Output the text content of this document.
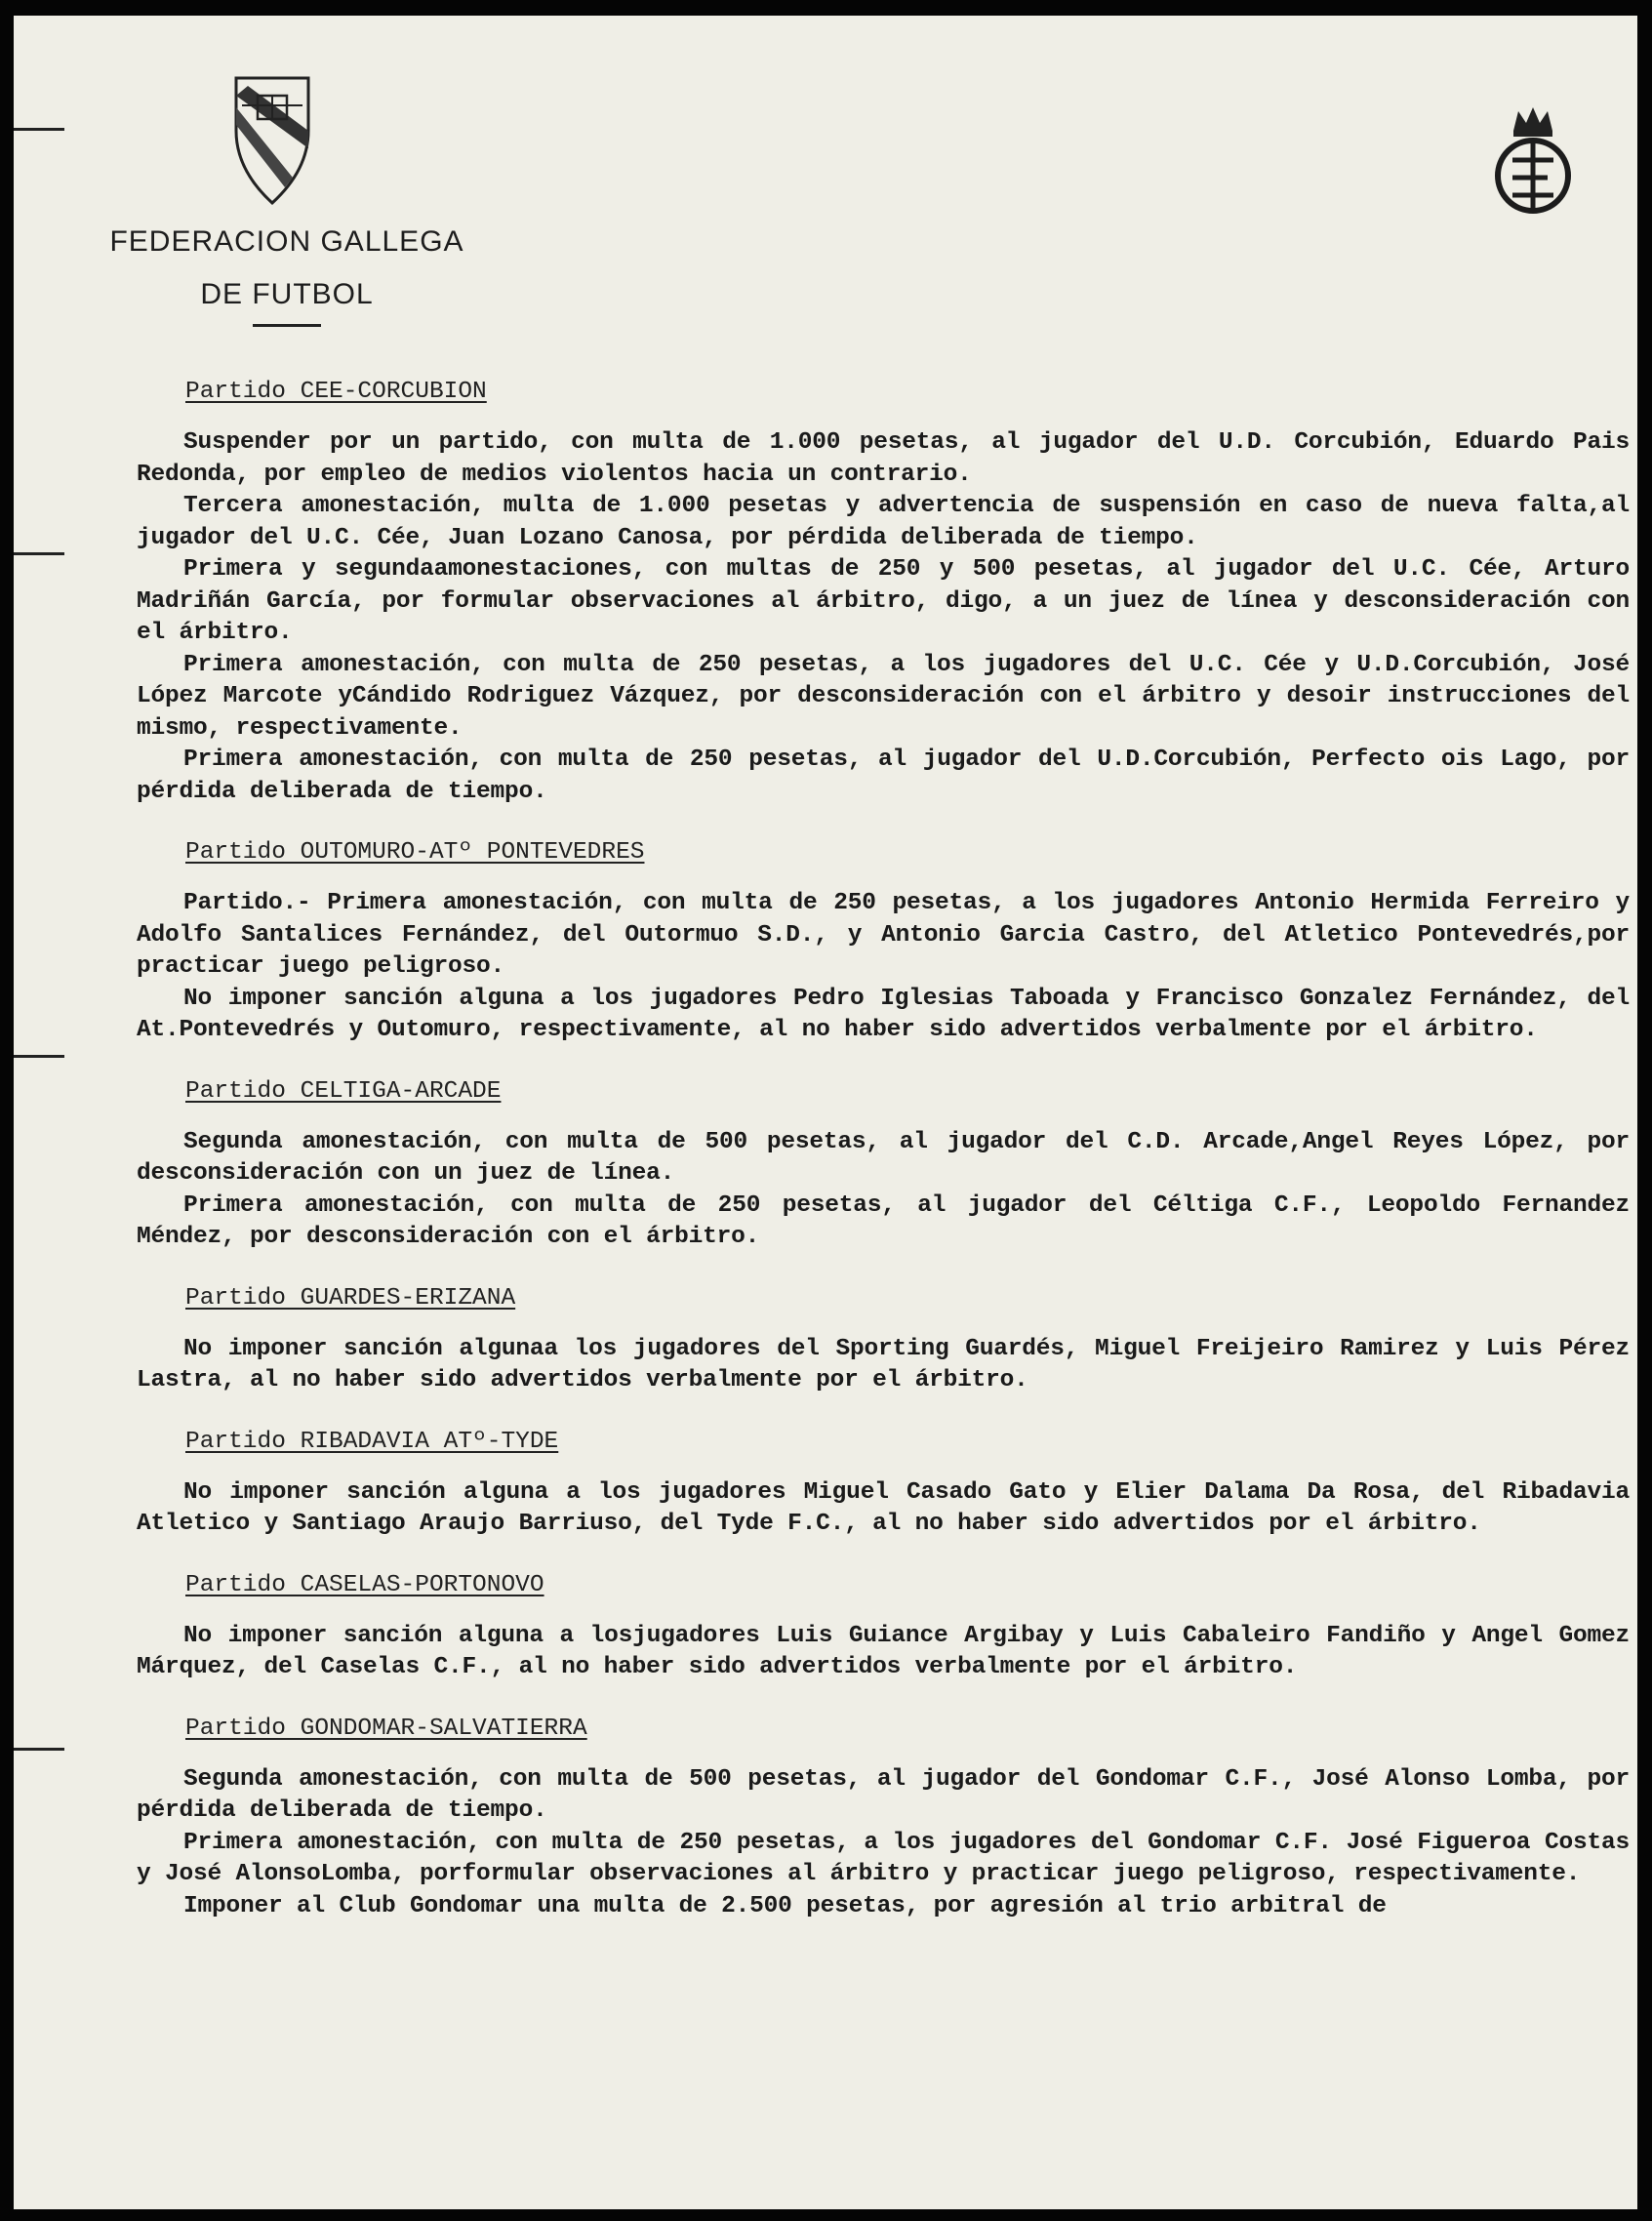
FEDERACION GALLEGA
DE FUTBOL
Partido CEE-CORCUBION

Suspender por un partido, con multa de 1.000 pesetas, al jugador del U.D. Corcubión, Eduardo Pais Redonda, por empleo de medios violentos hacia un contrario.

Tercera amonestación, multa de 1.000 pesetas y advertencia de suspensión en caso de nueva falta,al jugador del U.C. Cée, Juan Lozano Canosa, por pérdida deliberada de tiempo.

Primera y segundaamonestaciones, con multas de 250 y 500 pesetas, al jugador del U.C. Cée, Arturo Madriñán García, por formular observaciones al árbitro, digo, a un juez de línea y desconsideración con el árbitro.

Primera amonestación, con multa de 250 pesetas, a los jugadores del U.C. Cée y U.D.Corcubión, José López Marcote yCándido Rodriguez Vázquez, por desconsideración con el árbitro y desoir instrucciones del mismo, respectivamente.

Primera amonestación, con multa de 250 pesetas, al jugador del U.D.Corcubión, Perfecto ois Lago, por pérdida deliberada de tiempo.

Partido OUTOMURO-ATº PONTEVEDRES

Partido.- Primera amonestación, con multa de 250 pesetas, a los jugadores Antonio Hermida Ferreiro y Adolfo Santalices Fernández, del Outormuo S.D., y Antonio Garcia Castro, del Atletico Pontevedrés,por practicar juego peligroso.

No imponer sanción alguna a los jugadores Pedro Iglesias Taboada y Francisco Gonzalez Fernández, del At.Pontevedrés y Outomuro, respectivamente, al no haber sido advertidos verbalmente por el árbitro.

Partido CELTIGA-ARCADE

Segunda amonestación, con multa de 500 pesetas, al jugador del C.D. Arcade,Angel Reyes López, por desconsideración con un juez de línea.

Primera amonestación, con multa de 250 pesetas, al jugador del Céltiga C.F., Leopoldo Fernandez Méndez, por desconsideración con el árbitro.

Partido GUARDES-ERIZANA

No imponer sanción algunaa los jugadores del Sporting Guardés, Miguel Freijeiro Ramirez y Luis Pérez Lastra, al no haber sido advertidos verbalmente por el árbitro.

Partido RIBADAVIA ATº-TYDE

No imponer sanción alguna a los jugadores Miguel Casado Gato y Elier Dalama Da Rosa, del Ribadavia Atletico y Santiago Araujo Barriuso, del Tyde F.C., al no haber sido advertidos por el árbitro.

Partido CASELAS-PORTONOVO

No imponer sanción alguna a losjugadores Luis Guiance Argibay y Luis Cabaleiro Fandiño y Angel Gomez Márquez, del Caselas C.F., al no haber sido advertidos verbalmente por el árbitro.

Partido GONDOMAR-SALVATIERRA

Segunda amonestación, con multa de 500 pesetas, al jugador del Gondomar C.F., José Alonso Lomba, por pérdida deliberada de tiempo.

Primera amonestación, con multa de 250 pesetas, a los jugadores del Gondomar C.F. José Figueroa Costas y José AlonsoLomba, porformular observaciones al árbitro y practicar juego peligroso, respectivamente.

Imponer al Club Gondomar una multa de 2.500 pesetas, por agresión al trio arbitral de
